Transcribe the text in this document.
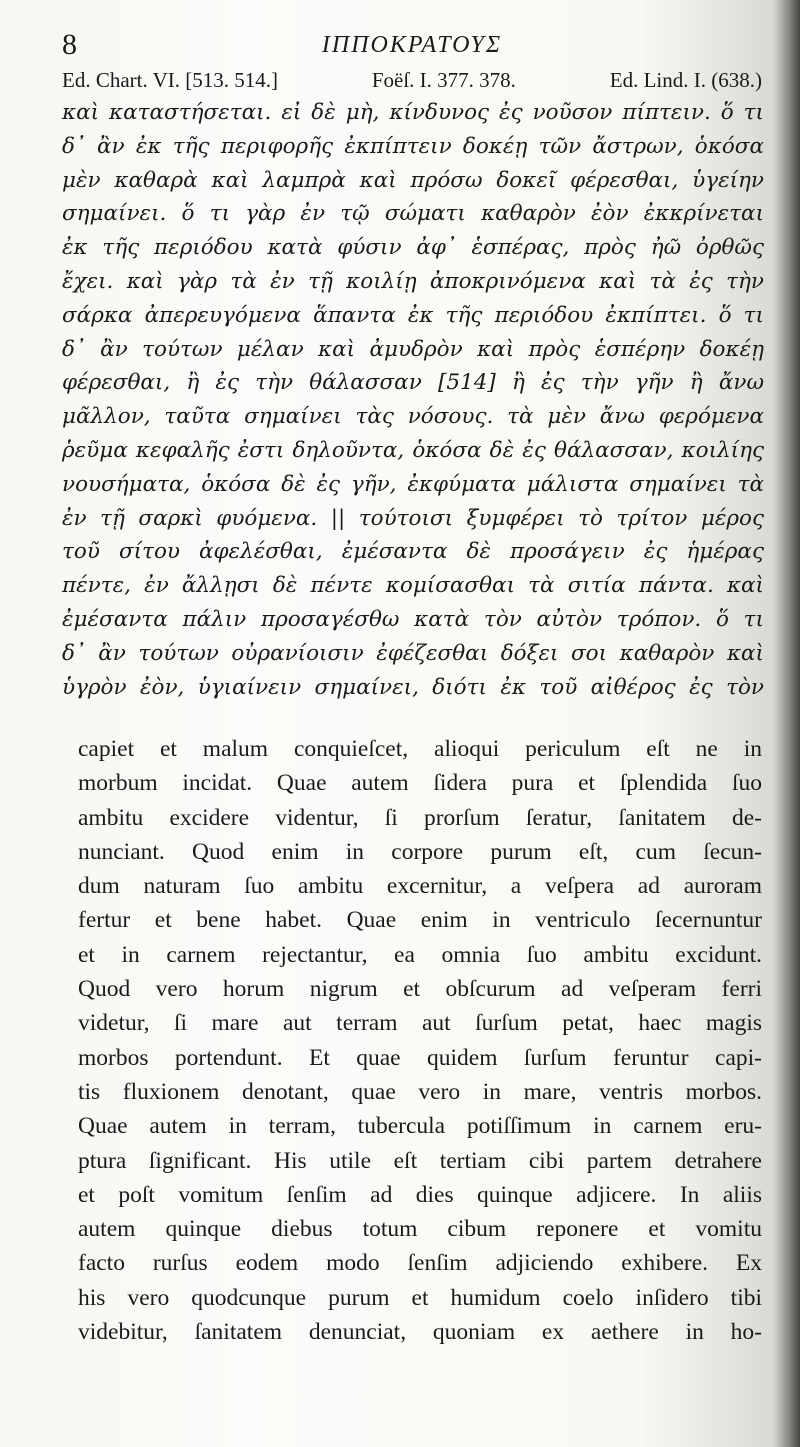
8	ΙΠΠΟΚΡΑΤΟΥΣ
Ed. Chart. VI. [513. 514.]	Foëſ. I. 377. 378.	Ed. Lind. I. (638.)
καὶ καταστήσεται. εἰ δὲ μὴ, κίνδυνος ἐς νοῦσον πίπτειν. ὅ τι
δ᾿ ἂν ἐκ τῆς περιφορῆς ἐκπίπτειν δοκέῃ τῶν ἄστρων, ὁκόσα
μὲν καθαρὰ καὶ λαμπρὰ καὶ πρόσω δοκεῖ φέρεσθαι, ὑγείην
σημαίνει. ὅ τι γὰρ ἐν τῷ σώματι καθαρὸν ἐὸν ἐκκρίνεται
ἐκ τῆς περιόδου κατὰ φύσιν ἀφ᾿ ἑσπέρας, πρὸς ἠῶ ὀρθῶς
ἔχει. καὶ γὰρ τὰ ἐν τῇ κοιλίῃ ἀποκρινόμενα καὶ τὰ ἐς τὴν
σάρκα ἀπερευγόμενα ἅπαντα ἐκ τῆς περιόδου ἐκπίπτει. ὅ τι
δ᾿ ἂν τούτων μέλαν καὶ ἀμυδρὸν καὶ πρὸς ἑσπέρην δοκέῃ
φέρεσθαι, ἢ ἐς τὴν θάλασσαν [514] ἢ ἐς τὴν γῆν ἢ ἄνω
μᾶλλον, ταῦτα σημαίνει τὰς νόσους. τὰ μὲν ἄνω φερόμενα
ῥεῦμα κεφαλῆς ἐστι δηλοῦντα, ὁκόσα δὲ ἐς θάλασσαν, κοιλίης
νουσήματα, ὁκόσα δὲ ἐς γῆν, ἐκφύματα μάλιστα σημαίνει τὰ
ἐν τῇ σαρκὶ φυόμενα. || τούτοισι ξυμφέρει τὸ τρίτον μέρος
τοῦ σίτου ἀφελέσθαι, ἐμέσαντα δὲ προσάγειν ἐς ἡμέρας
πέντε, ἐν ἄλλῃσι δὲ πέντε κομίσασθαι τὰ σιτία πάντα. καὶ
ἐμέσαντα πάλιν προσαγέσθω κατὰ τὸν αὐτὸν τρόπον. ὅ τι
δ᾿ ἂν τούτων οὐρανίοισιν ἐφέζεσθαι δόξει σοι καθαρὸν καὶ
ὑγρὸν ἐὸν, ὑγιαίνειν σημαίνει, διότι ἐκ τοῦ αἰθέρος ἐς τὸν
capiet et malum conquieſcet, alioqui periculum eſt ne in
morbum incidat. Quae autem ſidera pura et ſplendida ſuo
ambitu excidere videntur, ſi prorſum ſeratur, ſanitatem de-
nunciant. Quod enim in corpore purum eſt, cum ſecun-
dum naturam ſuo ambitu excernitur, a veſpera ad auroram
fertur et bene habet. Quae enim in ventriculo ſecernuntur
et in carnem rejectantur, ea omnia ſuo ambitu excidunt.
Quod vero horum nigrum et obſcurum ad veſperam ferri
videtur, ſi mare aut terram aut ſurſum petat, haec magis
morbos portendunt. Et quae quidem ſurſum feruntur capi-
tis fluxionem denotant, quae vero in mare, ventris morbos.
Quae autem in terram, tubercula potiſſimum in carnem eru-
ptura ſignificant. His utile eſt tertiam cibi partem detrahere
et poſt vomitum ſenſim ad dies quinque adjicere. In aliis
autem quinque diebus totum cibum reponere et vomitu
facto rurſus eodem modo ſenſim adjiciendo exhibere. Ex
his vero quodcunque purum et humidum coelo inſidero tibi
videbitur, ſanitatem denunciat, quoniam ex aethere in ho-
